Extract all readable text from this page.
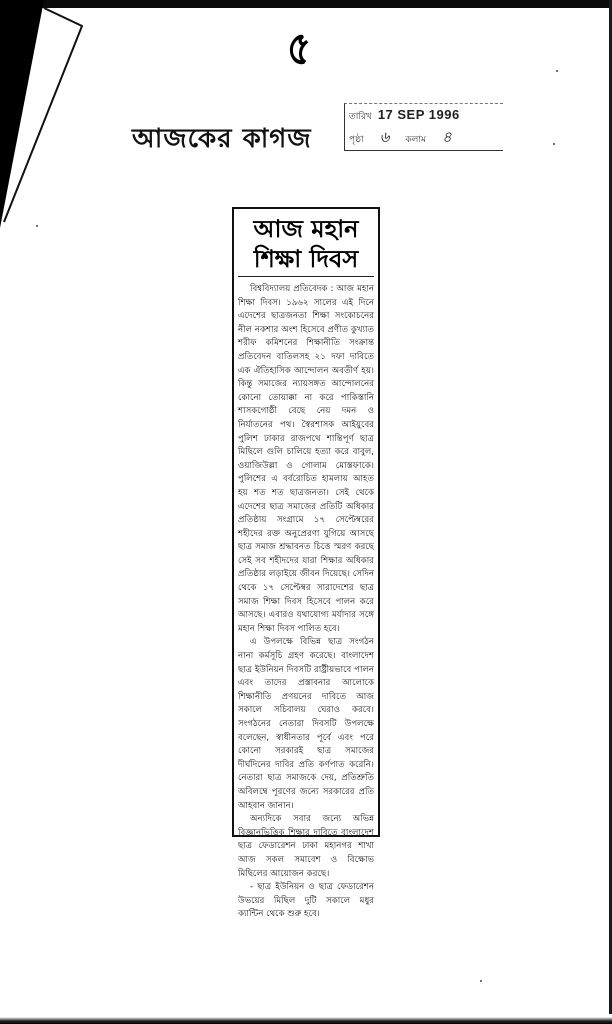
৫
আজকের কাগজ
তারিখ 17 SEP 1996
পৃষ্ঠা ৬ কলাম ৪
আজ মহান
শিক্ষা দিবস

বিশ্ববিদ্যালয় প্রতিবেদক : আজ মহান শিক্ষা দিবস। ১৯৬২ সালের এই দিনে এদেশের ছাত্রজনতা শিক্ষা সংকোচনের নীল নকশার অংশ হিসেবে প্রণীত কুখ্যাত শরীফ কমিশনের শিক্ষানীতি সংক্রান্ত প্রতিবেদন বাতিলসহ ২১ দফা দাবিতে এক ঐতিহাসিক আন্দোলন অবতীর্ণ হয়। কিন্তু সমাজের ন্যায়সঙ্গত আন্দোলনের কোনো তোয়াক্কা না করে পাকিস্তানি শাসকগোষ্ঠী বেছে নেয় দমন ও নির্যাতনের পথ। স্বৈরশাসক আইয়ুবের পুলিশ ঢাকার রাজপথে শান্তিপূর্ণ ছাত্র মিছিলে গুলি চালিয়ে হত্যা করে বাবুল, ওয়াজিউল্লা ও গোলাম মোস্তফাকে। পুলিশের এ বর্বরোচিত হামলায় আহত হয় শত শত ছাত্রজনতা। সেই থেকে এদেশের ছাত্র সমাজের প্রতিটি অধিকার প্রতিষ্ঠায় সংগ্রামে ১৭ সেপ্টেম্বরের শহীদের রক্ত অনুপ্রেরণা যুগিয়ে আসছে ছাত্র সমাজ শ্রদ্ধাবনত চিত্তে স্মরণ করছে সেই সব শহীদদের যারা শিক্ষার অধিকার প্রতিষ্ঠার লড়াইয়ে জীবন দিয়েছে। সেদিন থেকে ১৭ সেপ্টেম্বর সারাদেশের ছাত্র সমাজ শিক্ষা দিবস হিসেবে পালন করে আসছে। এবারও যথাযোগ্য মর্যাদার সঙ্গে মহান শিক্ষা দিবস পালিত হবে।

এ উপলক্ষে বিভিন্ন ছাত্র সংগঠন নানা কর্মসূচি গ্রহণ করেছে। বাংলাদেশ ছাত্র ইউনিয়ন দিবসটি রাষ্ট্রীয়ভাবে পালন এবং তাদের প্রস্তাবনার আলোকে শিক্ষানীতি প্রণয়নের দাবিতে আজ সকালে সচিবালয় ঘেরাও করবে। সংগঠনের নেতারা দিবসটি উপলক্ষে বলেছেন, স্বাধীনতার পূর্বে এবং পরে কোনো সরকারই ছাত্র সমাজের দীর্ঘদিনের দাবির প্রতি কর্ণপাত করেনি। নেতারা ছাত্র সমাজকে দেয়, প্রতিশ্রুতি অবিলম্বে পূরণের জন্যে সরকারের প্রতি আহবান জানান।

অন্যদিকে সবার জন্যে অভিন্ন বিজ্ঞানভিত্তিক শিক্ষার দাবিতে বাংলাদেশ ছাত্র ফেডারেশন ঢাকা মহানগর শাখা আজ সকল সমাবেশ ও বিক্ষোভ মিছিলের আয়োজন করছে।

- ছাত্র ইউনিয়ন ও ছাত্র ফেডারেশন উভয়ের মিছিল দুটি সকালে মধুর ক্যান্টিন থেকে শুরু হবে।
